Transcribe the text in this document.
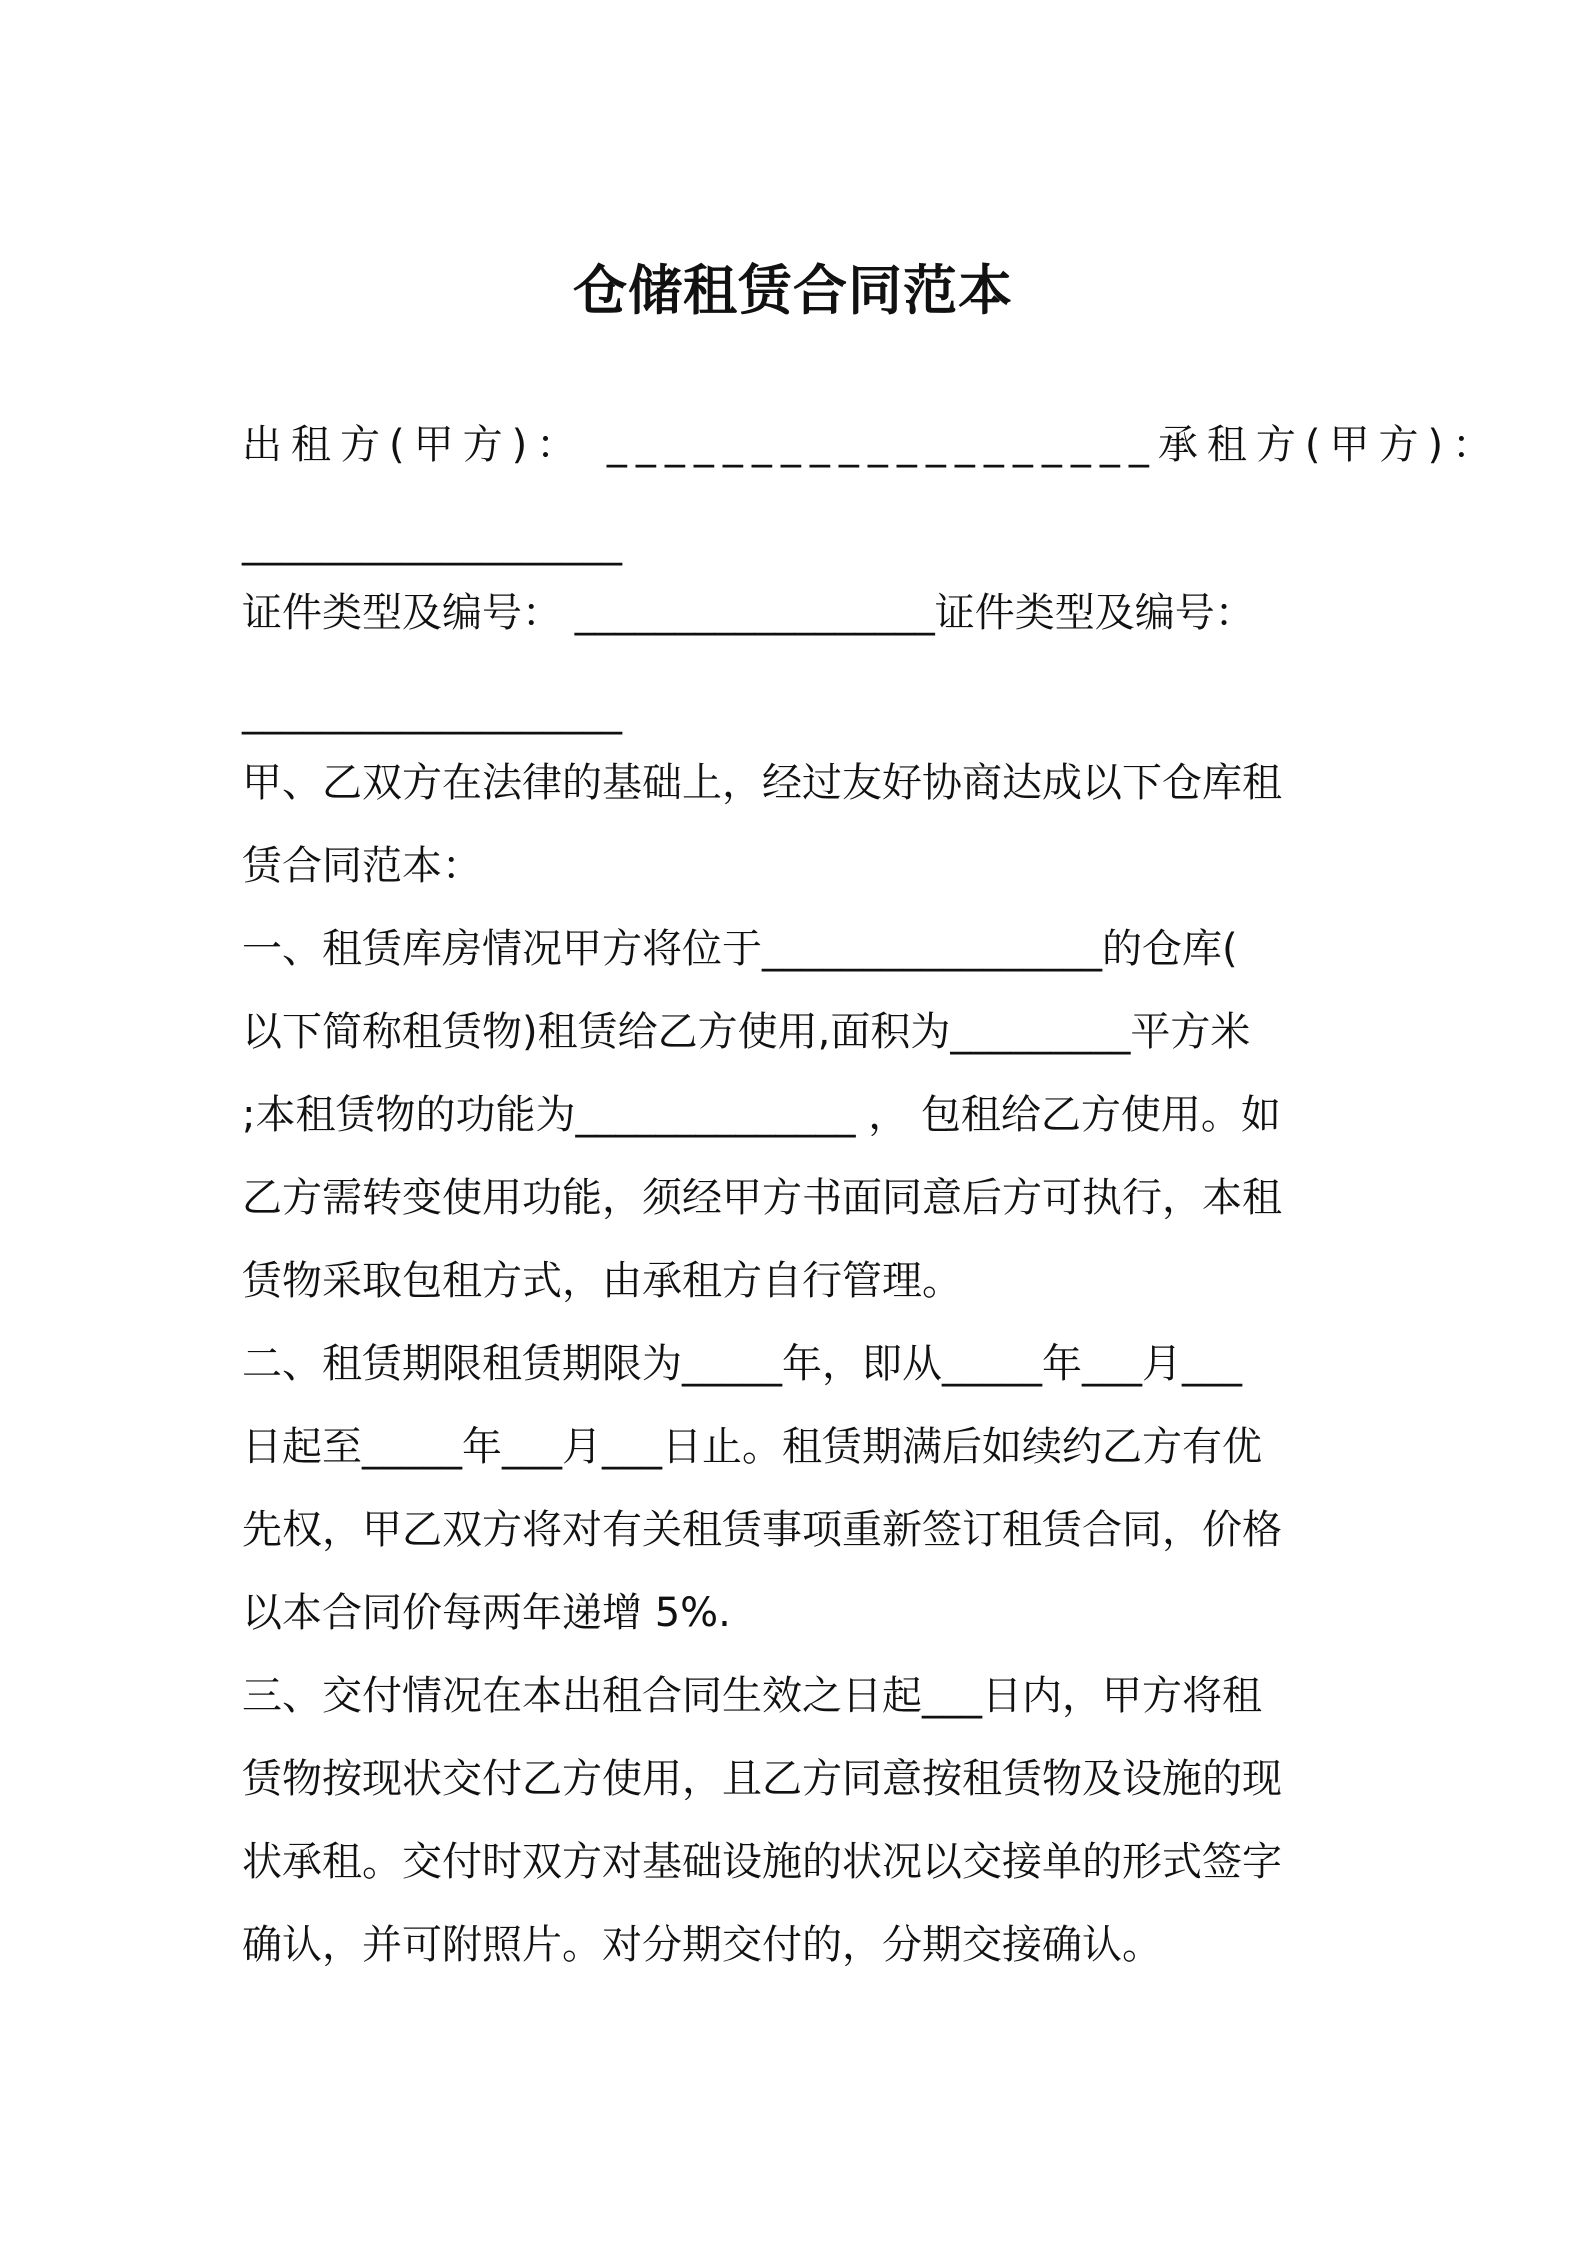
仓储租赁合同范本

出租方(甲方)： ___________________承租方(甲方)：

___________________

证件类型及编号： __________________证件类型及编号：

___________________

甲、乙双方在法律的基础上，经过友好协商达成以下仓库租

赁合同范本：

一、租赁库房情况甲方将位于_________________的仓库(

以下简称租赁物)租赁给乙方使用,面积为_________平方米

;本租赁物的功能为______________ ， 包租给乙方使用。如

乙方需转变使用功能，须经甲方书面同意后方可执行，本租

赁物采取包租方式，由承租方自行管理。

二、租赁期限租赁期限为_____年，即从_____年___月___

日起至_____年___月___日止。租赁期满后如续约乙方有优

先权，甲乙双方将对有关租赁事项重新签订租赁合同，价格

以本合同价每两年递增 5%.

三、交付情况在本出租合同生效之日起___日内，甲方将租

赁物按现状交付乙方使用，且乙方同意按租赁物及设施的现

状承租。交付时双方对基础设施的状况以交接单的形式签字

确认，并可附照片。对分期交付的，分期交接确认。
